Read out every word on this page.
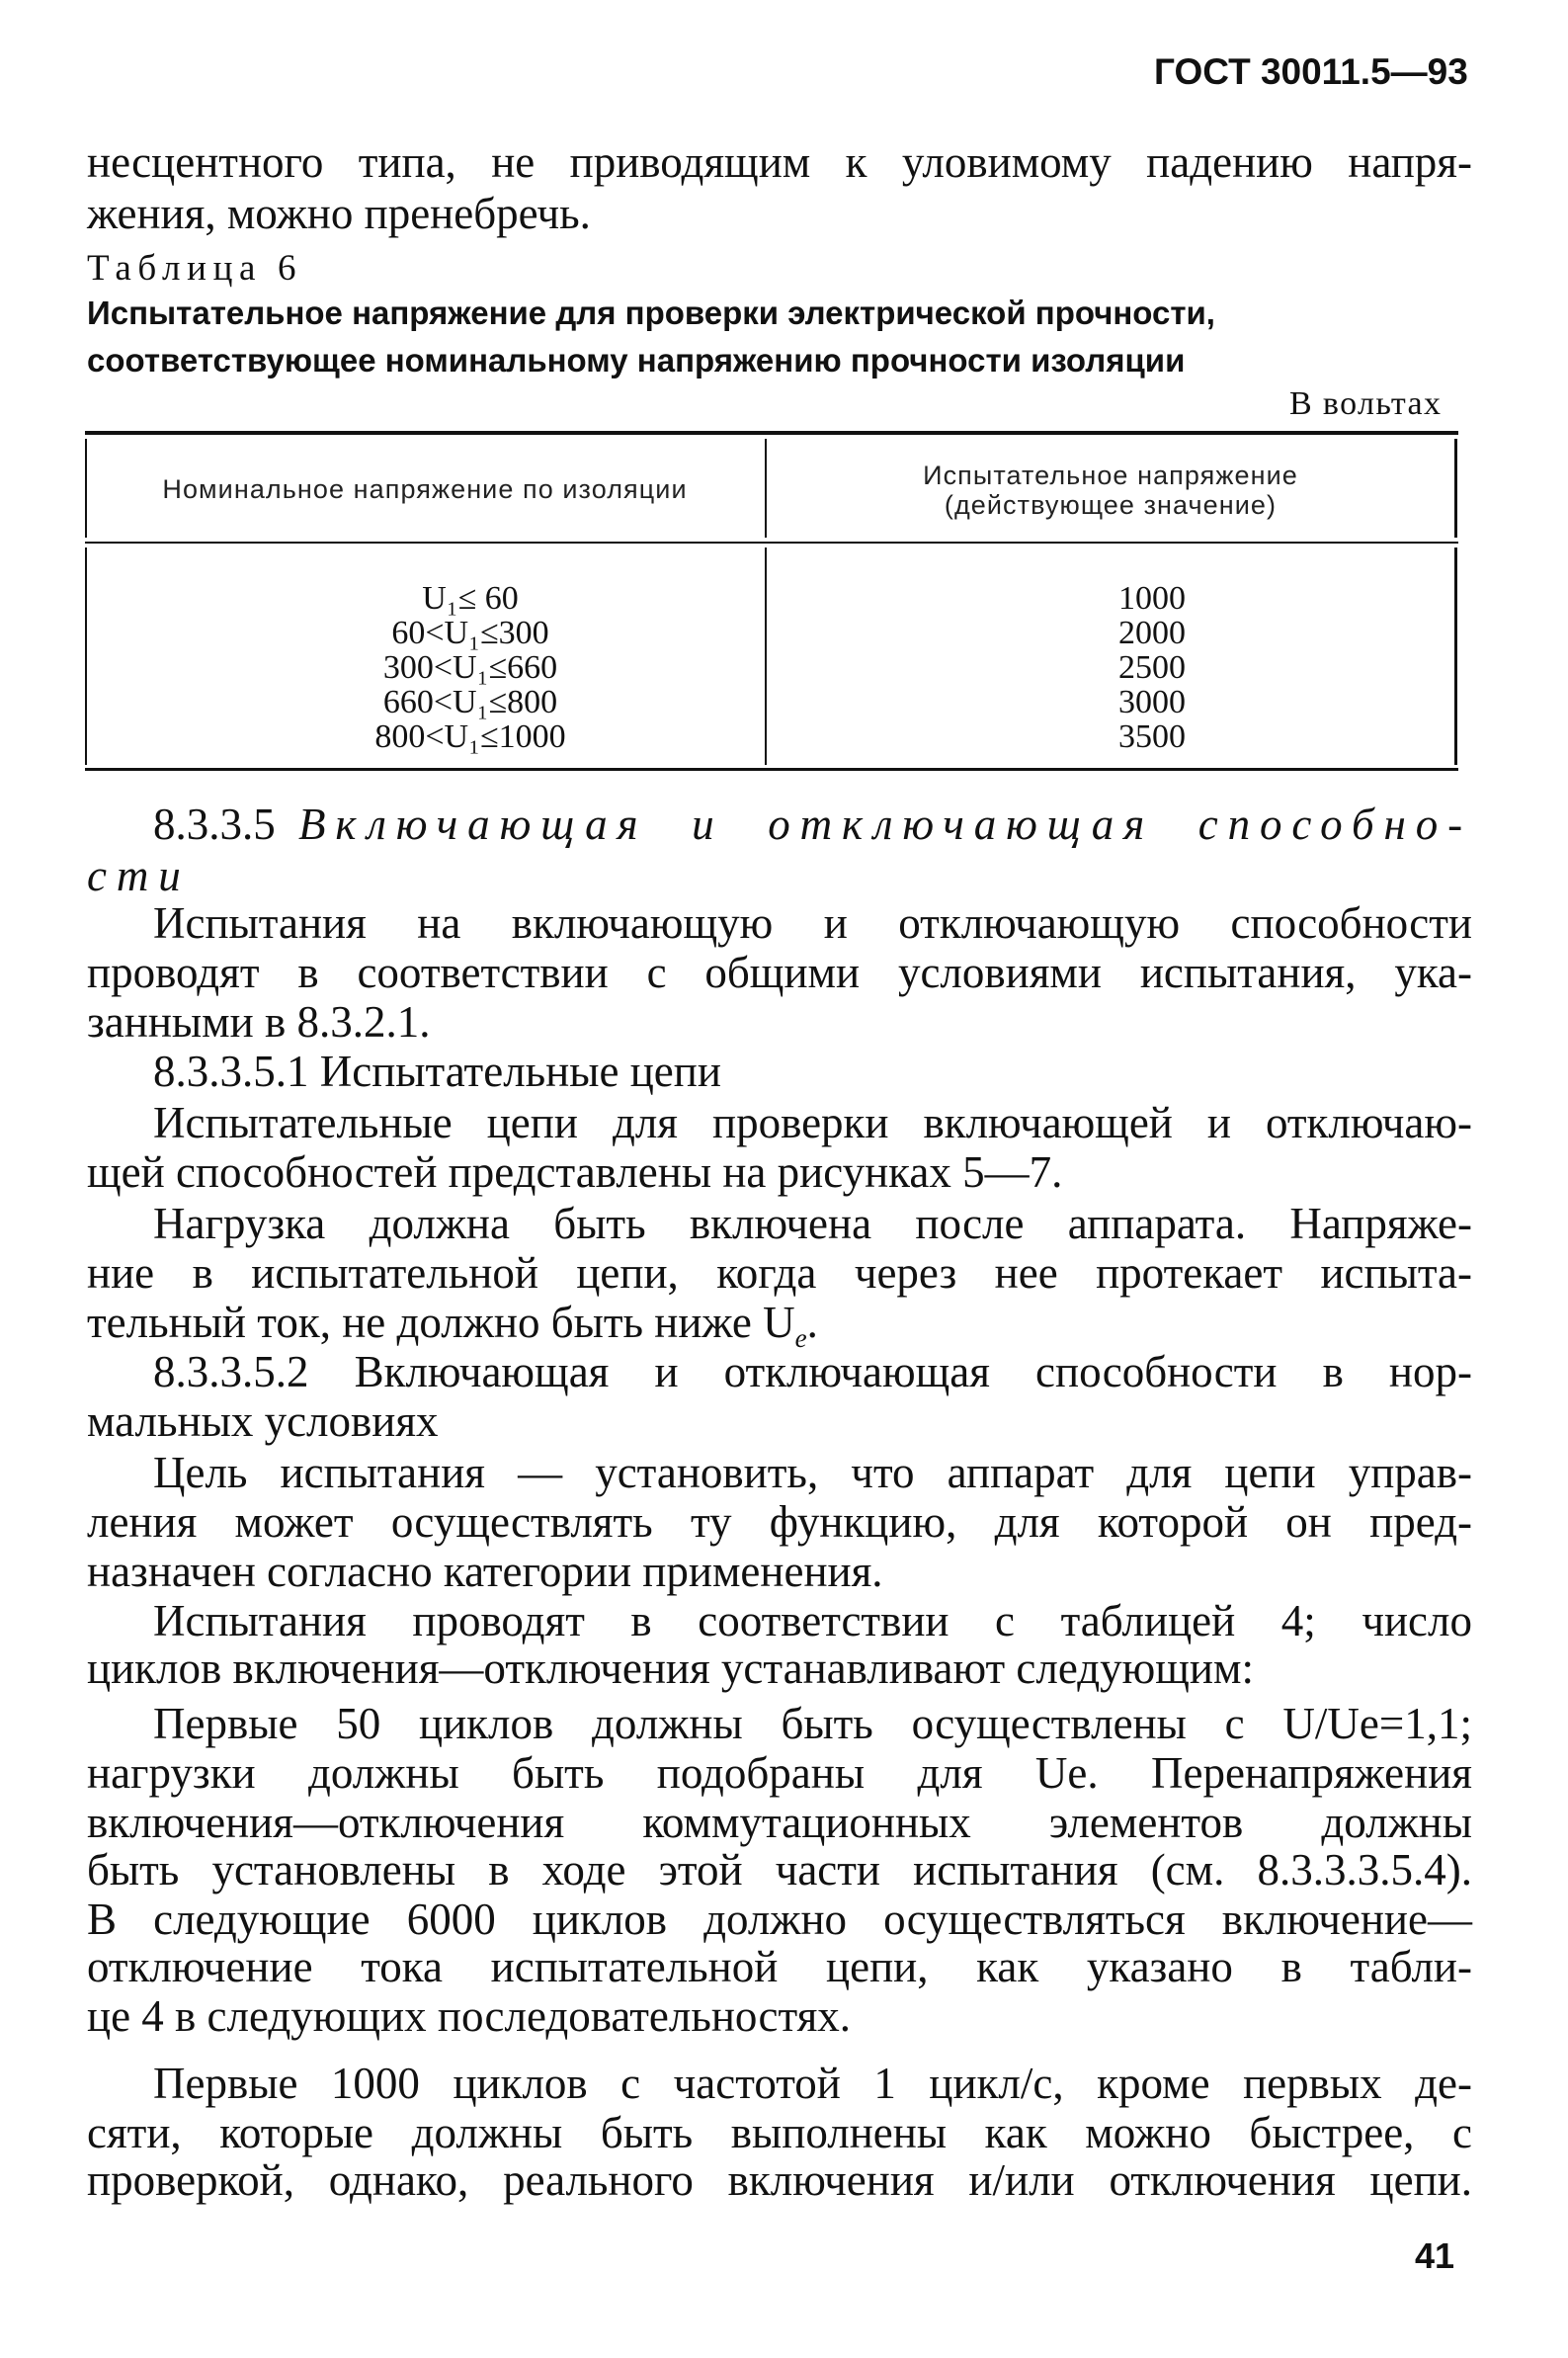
ГОСТ 30011.5—93
несцентного типа, не приводящим к уловимому падению напря-
жения, можно пренебречь.
Таблица 6
Испытательное напряжение для проверки электрической прочности,
соответствующее номинальному напряжению прочности изоляции
В вольтах
Номинальное напряжение по изоляции	Испытательное напряжение
(действующее значение)
U₁≤ 60
60<U₁≤300
300<U₁≤660
660<U₁≤800
800<U₁≤1000
1000
2000
2500
3000
3500
8.3.3.5 Включающая и отключающая способно-
сти
Испытания на включающую и отключающую способности
проводят в соответствии с общими условиями испытания, ука-
занными в 8.3.2.1.
8.3.3.5.1 Испытательные цепи
Испытательные цепи для проверки включающей и отключаю-
щей способностей представлены на рисунках 5—7.
Нагрузка должна быть включена после аппарата. Напряже-
ние в испытательной цепи, когда через нее протекает испыта-
тельный ток, не должно быть ниже $U_e$.
8.3.3.5.2 Включающая и отключающая способности в нор-
мальных условиях
Цель испытания — установить, что аппарат для цепи управ-
ления может осуществлять ту функцию, для которой он пред-
назначен согласно категории применения.
Испытания проводят в соответствии с таблицей 4; число
циклов включения—отключения устанавливают следующим:
Первые 50 циклов должны быть осуществлены с U/Ue=1,1;
нагрузки должны быть подобраны для Ue. Перенапряжения
включения—отключения коммутационных элементов должны
быть установлены в ходе этой части испытания (см. 8.3.3.3.5.4).
В следующие 6000 циклов должно осуществляться включение—
отключение тока испытательной цепи, как указано в табли-
це 4 в следующих последовательностях.
Первые 1000 циклов с частотой 1 цикл/с, кроме первых де-
сяти, которые должны быть выполнены как можно быстрее, с
проверкой, однако, реального включения и/или отключения цепи.
41
